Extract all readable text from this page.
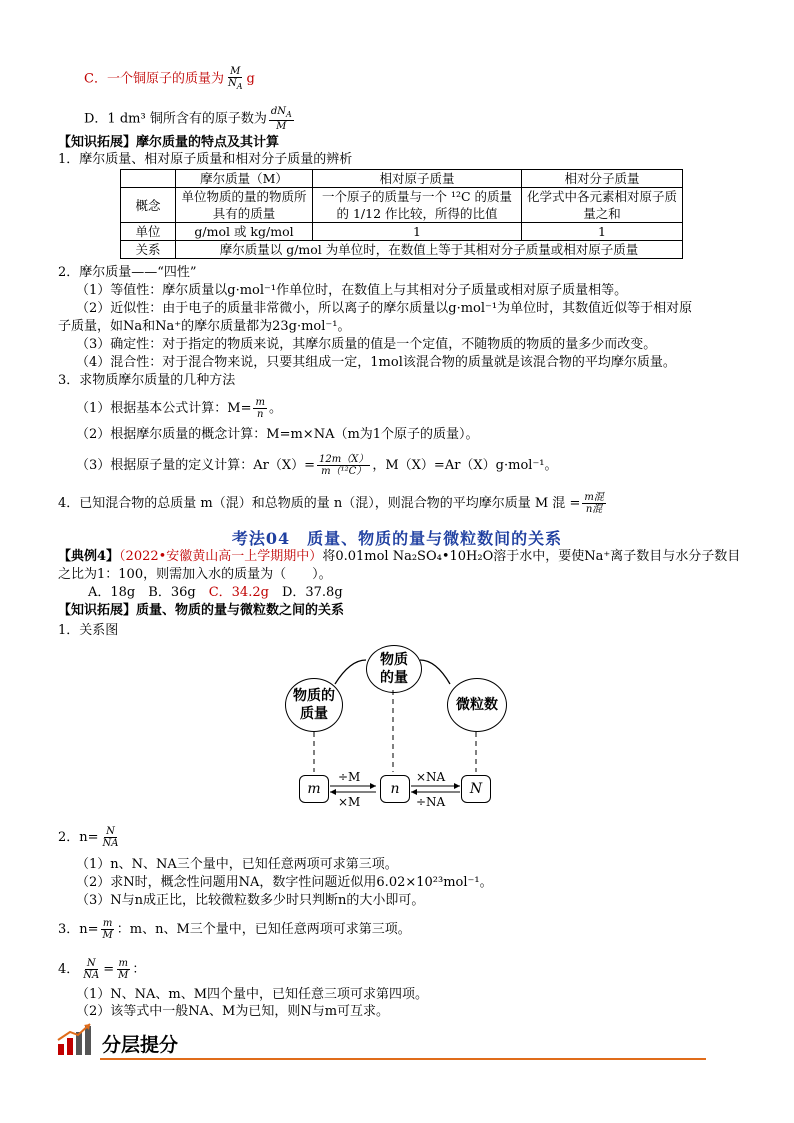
C．一个铜原子的质量为 $\frac{M}{N_A}$ g
D．1 dm³ 铜所含有的原子数为 $\frac{dN_A}{M}$
【知识拓展】摩尔质量的特点及其计算
1．摩尔质量、相对原子质量和相对分子质量的辨析
	摩尔质量（M）	相对原子质量	相对分子质量
概念	单位物质的量的物质所具有的质量	一个原子的质量与一个 ¹²C 的质量的 1/12 作比较，所得的比值	化学式中各元素相对原子质量之和
单位	g/mol 或 kg/mol	1	1
关系	摩尔质量以 g/mol 为单位时，在数值上等于其相对分子质量或相对原子质量		
2．摩尔质量——“四性”
（1）等值性：摩尔质量以g·mol⁻¹作单位时，在数值上与其相对分子质量或相对原子质量相等。
（2）近似性：由于电子的质量非常微小，所以离子的摩尔质量以g·mol⁻¹为单位时，其数值近似等于相对原
子质量，如Na和Na⁺的摩尔质量都为23g·mol⁻¹。
（3）确定性：对于指定的物质来说，其摩尔质量的值是一个定值，不随物质的物质的量多少而改变。
（4）混合性：对于混合物来说，只要其组成一定，1mol该混合物的质量就是该混合物的平均摩尔质量。
3．求物质摩尔质量的几种方法
（1）根据基本公式计算：$M= \frac{m}{n}$ 。
（2）根据摩尔质量的概念计算：M=m×NA（m为1个原子的质量）。
（3）根据原子量的定义计算：$Ar(X)= \frac{12m(X)}{\text{m（¹²C）}}$ ，M（X）=Ar（X）g·mol⁻¹。
4．已知混合物的总质量 m（混）和总物质的量 n（混），则混合物的平均摩尔质量 M 混 = $\frac{\text{m混}}{\text{n混}}$
考法04　质量、物质的量与微粒数间的关系
【典例4】（2022•安徽黄山高一上学期期中）将0.01mol Na₂SO₄•10H₂O溶于水中，要使Na⁺离子数目与水分子数目
之比为1：100，则需加入水的质量为（　　）。
A．18g　 B．36g　 C．34.2g　 D．37.8g
【知识拓展】质量、物质的量与微粒数之间的关系
1．关系图
物质的量
物质的质量
微粒数
m	n	N
÷M
×M
×NA
÷NA
2．$n= \frac{N}{NA}$
（1）n、N、NA三个量中，已知任意两项可求第三项。
（2）求N时，概念性问题用NA，数字性问题近似用6.02×10²³mol⁻¹。
（3）N与n成正比，比较微粒数多少时只判断n的大小即可。
3．$n= \frac{m}{M}$ ：m、n、M三个量中，已知任意两项可求第三项。
4． $\frac{N}{NA} = \frac{m}{M}$ ：
（1）N、NA、m、M四个量中，已知任意三项可求第四项。
（2）该等式中一般NA、M为已知，则N与m可互求。
分层提分
